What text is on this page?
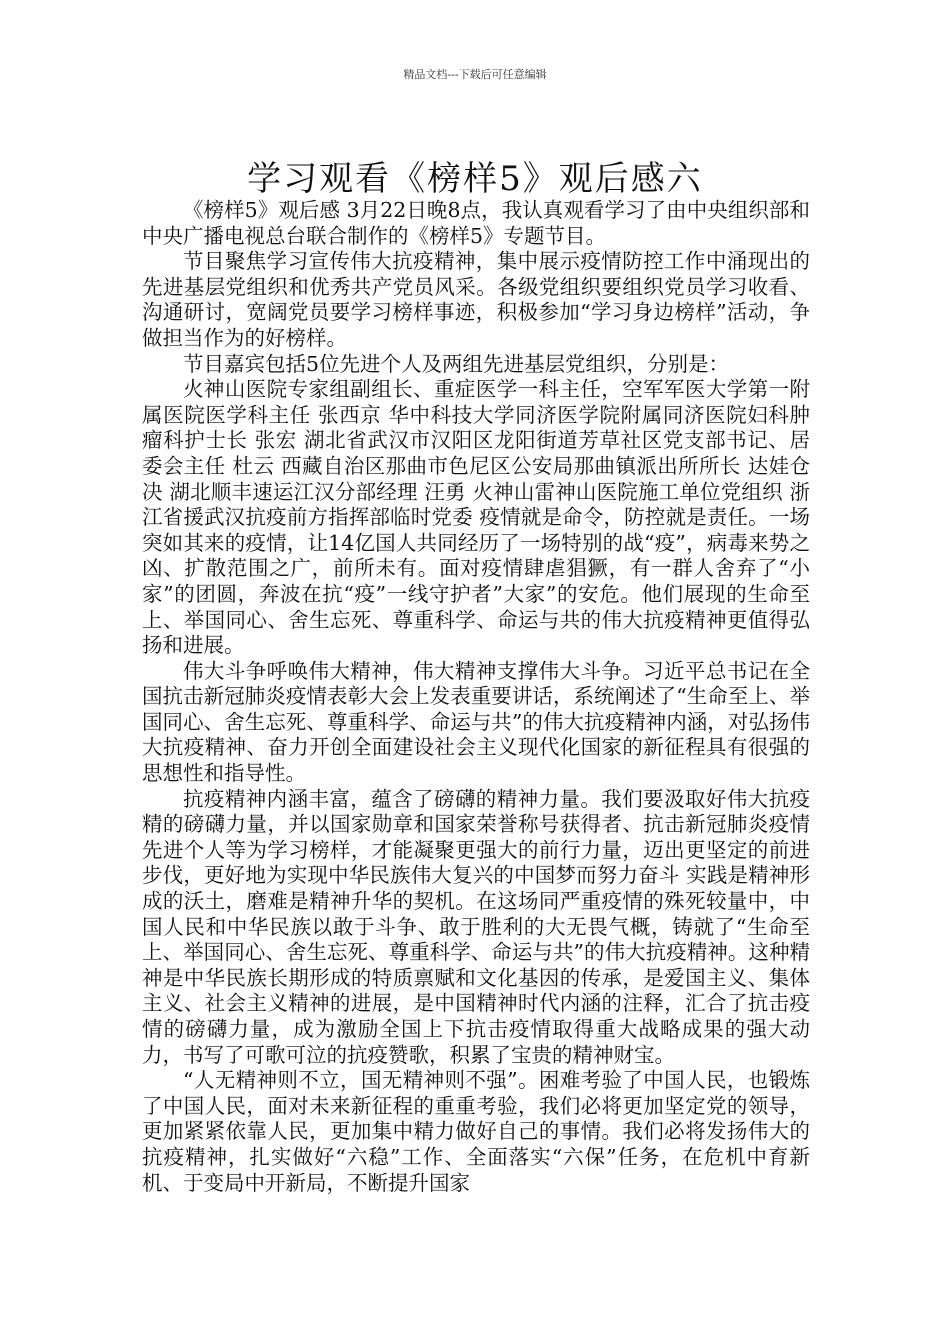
精品文档---下载后可任意编辑
学习观看《榜样5》观后感六

《榜样5》观后感 3月22日晚8点，我认真观看学习了由中央组织部和中央广播电视总台联合制作的《榜样5》专题节目。

节目聚焦学习宣传伟大抗疫精神，集中展示疫情防控工作中涌现出的先进基层党组织和优秀共产党员风采。各级党组织要组织党员学习收看、沟通研讨，宽阔党员要学习榜样事迹，积极参加“学习身边榜样”活动，争做担当作为的好榜样。

节目嘉宾包括5位先进个人及两组先进基层党组织，分别是：

火神山医院专家组副组长、重症医学一科主任，空军军医大学第一附属医院医学科主任 张西京 华中科技大学同济医学院附属同济医院妇科肿瘤科护士长 张宏 湖北省武汉市汉阳区龙阳街道芳草社区党支部书记、居委会主任 杜云 西藏自治区那曲市色尼区公安局那曲镇派出所所长 达娃仓决 湖北顺丰速运江汉分部经理 汪勇 火神山雷神山医院施工单位党组织 浙江省援武汉抗疫前方指挥部临时党委 疫情就是命令，防控就是责任。一场突如其来的疫情，让14亿国人共同经历了一场特别的战“疫”，病毒来势之凶、扩散范围之广，前所未有。面对疫情肆虐猖獗，有一群人舍弃了“小家”的团圆，奔波在抗“疫”一线守护者”大家”的安危。他们展现的生命至上、举国同心、舍生忘死、尊重科学、命运与共的伟大抗疫精神更值得弘扬和进展。

伟大斗争呼唤伟大精神，伟大精神支撑伟大斗争。习近平总书记在全国抗击新冠肺炎疫情表彰大会上发表重要讲话，系统阐述了“生命至上、举国同心、舍生忘死、尊重科学、命运与共”的伟大抗疫精神内涵，对弘扬伟大抗疫精神、奋力开创全面建设社会主义现代化国家的新征程具有很强的思想性和指导性。

抗疫精神内涵丰富，蕴含了磅礴的精神力量。我们要汲取好伟大抗疫精的磅礴力量，并以国家勋章和国家荣誉称号获得者、抗击新冠肺炎疫情先进个人等为学习榜样，才能凝聚更强大的前行力量，迈出更坚定的前进步伐，更好地为实现中华民族伟大复兴的中国梦而努力奋斗 实践是精神形成的沃土，磨难是精神升华的契机。在这场同严重疫情的殊死较量中，中国人民和中华民族以敢于斗争、敢于胜利的大无畏气概，铸就了“生命至上、举国同心、舍生忘死、尊重科学、命运与共”的伟大抗疫精神。这种精神是中华民族长期形成的特质禀赋和文化基因的传承，是爱国主义、集体主义、社会主义精神的进展，是中国精神时代内涵的注释，汇合了抗击疫情的磅礴力量，成为激励全国上下抗击疫情取得重大战略成果的强大动力，书写了可歌可泣的抗疫赞歌，积累了宝贵的精神财宝。

“人无精神则不立，国无精神则不强”。困难考验了中国人民，也锻炼了中国人民，面对未来新征程的重重考验，我们必将更加坚定党的领导，更加紧紧依靠人民，更加集中精力做好自己的事情。我们必将发扬伟大的抗疫精神，扎实做好“六稳”工作、全面落实“六保”任务，在危机中育新机、于变局中开新局，不断提升国家
